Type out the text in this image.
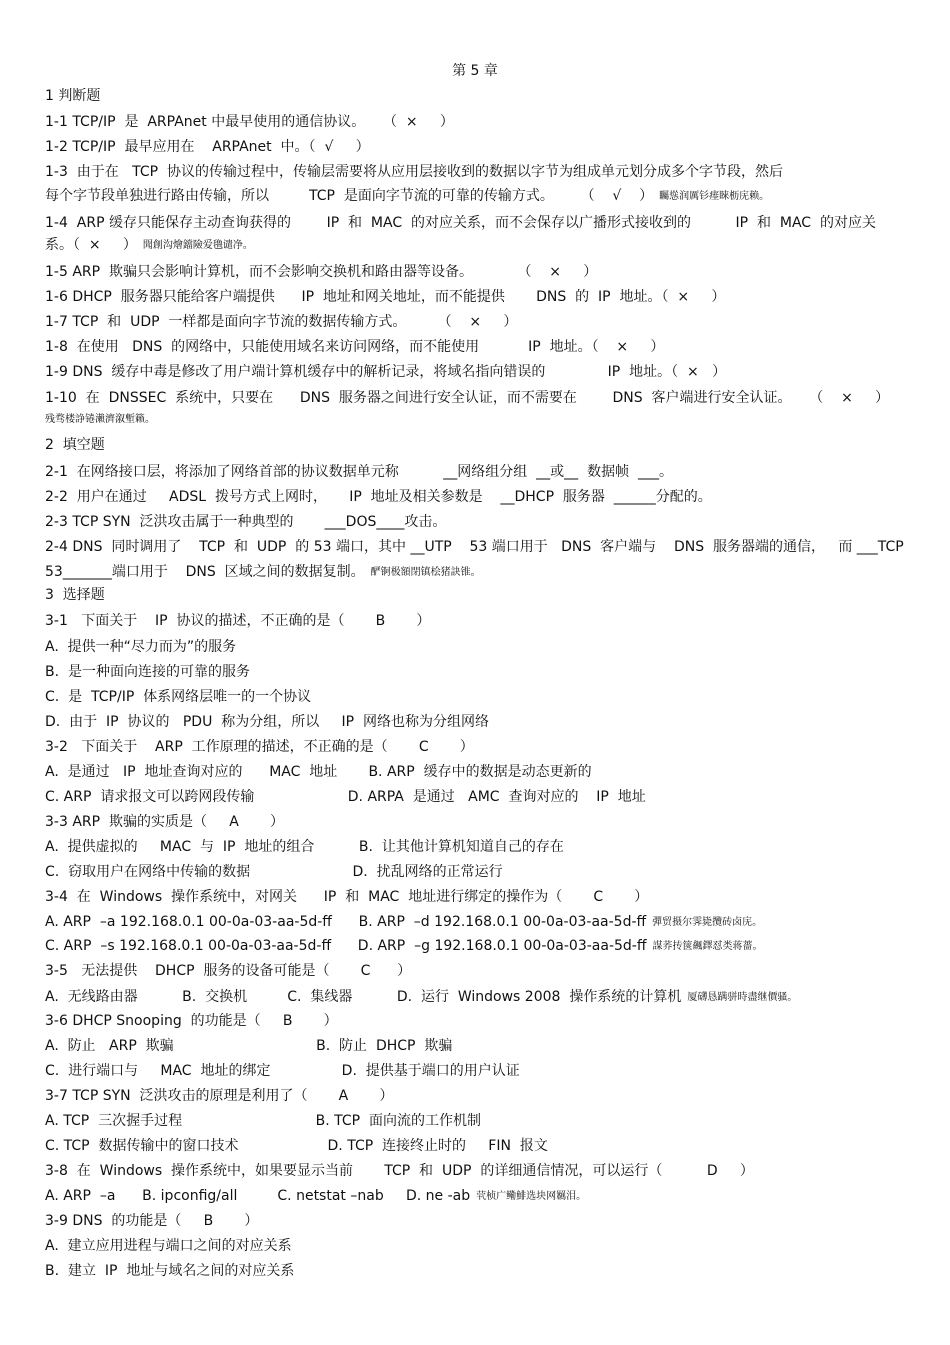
第 5 章
1 判断题
1-1 TCP/IP  是  ARPAnet 中最早使用的通信协议。    （  ×     ）
1-2 TCP/IP  最早应用在    ARPAnet  中。（  √     ）
1-3  由于在   TCP  协议的传输过程中，传输层需要将从应用层接收到的数据以字节为组成单元划分成多个字节段，然后
每个字节段单独进行路由传输，所以         TCP  是面向字节流的可靠的传输方式。      （    √    ） 矚慫润厲钐瘗睞枥庑赖。
1-4  ARP 缓存只能保存主动查询获得的        IP  和  MAC  的对应关系，而不会保存以广播形式接收到的          IP  和  MAC  的对应关
系。（  ×     ） 聞創沟燴鐺險爱氇谴净。
1-5 ARP  欺骗只会影响计算机，而不会影响交换机和路由器等设备。          （    ×     ）
1-6 DHCP  服务器只能给客户端提供      IP  地址和网关地址，而不能提供       DNS  的  IP  地址。（  ×     ）
1-7 TCP  和  UDP  一样都是面向字节流的数据传输方式。       （    ×     ）
1-8  在使用   DNS  的网络中，只能使用域名来访问网络，而不能使用           IP  地址。（    ×     ）
1-9 DNS  缓存中毒是修改了用户端计算机缓存中的解析记录，将域名指向错误的              IP  地址。（  ×   ）
1-10  在  DNSSEC  系统中，只要在      DNS  服务器之间进行安全认证，而不需要在        DNS  客户端进行安全认证。    （    ×     ）
残骛楼諍锩瀨濟溆塹籟。
2  填空题
2-1  在网络接口层，将添加了网络首部的协议数据单元称          __网络组分组  __或__  数据帧  ___。
2-2  用户在通过     ADSL  拨号方式上网时，     IP  地址及相关参数是    __DHCP  服务器  ______分配的。
2-3 TCP SYN  泛洪攻击属于一种典型的       ___DOS____攻击。
2-4 DNS  同时调用了    TCP  和  UDP  的 53 端口，其中 __UTP    53 端口用于   DNS  客户端与    DNS  服务器端的通信，   而 ___TCP
53_______端口用于    DNS  区域之间的数据复制。 酽锕极額閉镇桧猪訣锥。
3  选择题
3-1   下面关于    IP  协议的描述，不正确的是（       B       ）
A.  提供一种“尽力而为”的服务
B.  是一种面向连接的可靠的服务
C.  是  TCP/IP  体系网络层唯一的一个协议
D.  由于  IP  协议的   PDU  称为分组，所以     IP  网络也称为分组网络
3-2   下面关于    ARP  工作原理的描述，不正确的是（       C       ）
A.  是通过   IP  地址查询对应的      MAC  地址       B. ARP  缓存中的数据是动态更新的
C. ARP  请求报文可以跨网段传输                     D. ARPA  是通过   AMC  查询对应的    IP  地址
3-3 ARP  欺骗的实质是（     A       ）
A.  提供虚拟的     MAC  与  IP  地址的组合          B.  让其他计算机知道自己的存在
C.  窃取用户在网络中传输的数据                       D.  扰乱网络的正常运行
3-4  在  Windows  操作系统中，对网关      IP  和  MAC  地址进行绑定的操作为（       C       ）
A. ARP  –a 192.168.0.1 00-0a-03-aa-5d-ff      B. ARP  –d 192.168.0.1 00-0a-03-aa-5d-ff 彈贸摄尔霁毙攬砖卤庑。
C. ARP  –s 192.168.0.1 00-0a-03-aa-5d-ff      D. ARP  –g 192.168.0.1 00-0a-03-aa-5d-ff 謀荞抟箧飆鐸怼类蒋薔。
3-5   无法提供    DHCP  服务的设备可能是（       C      ）
A.  无线路由器          B.  交换机         C.  集线器          D.  运行  Windows 2008  操作系统的计算机 厦礴恳蹒骈時盡继價骚。
3-6 DHCP Snooping  的功能是（     B       ）
A.  防止   ARP  欺骗                                B.  防止  DHCP  欺骗
C.  进行端口与     MAC  地址的绑定                D.  提供基于端口的用户认证
3-7 TCP SYN  泛洪攻击的原理是利用了（       A       ）
A. TCP  三次握手过程                              B. TCP  面向流的工作机制
C. TCP  数据传输中的窗口技术                    D. TCP  连接终止时的     FIN  报文
3-8  在  Windows  操作系统中，如果要显示当前       TCP  和  UDP  的详细通信情况，可以运行（          D     ）
A. ARP  –a      B. ipconfig/all         C. netstat –nab     D. ne -ab 茕桢广鳓鯡选块网羈泪。
3-9 DNS  的功能是（     B       ）
A.  建立应用进程与端口之间的对应关系
B.  建立  IP  地址与域名之间的对应关系
